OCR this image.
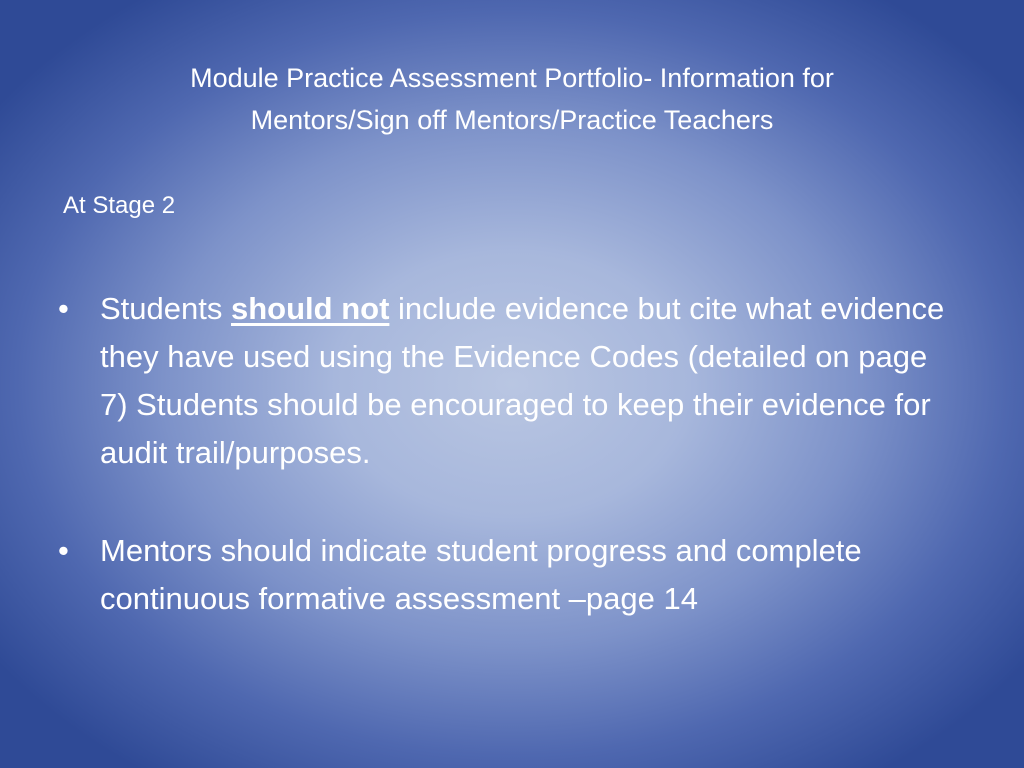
Module Practice Assessment Portfolio- Information for
Mentors/Sign off Mentors/Practice Teachers
At Stage 2
•	Students should not include evidence but cite what evidence they have used using the Evidence Codes (detailed on page 7) Students should be encouraged to keep their evidence for audit trail/purposes.
•	Mentors should indicate student progress and complete continuous formative assessment –page 14
